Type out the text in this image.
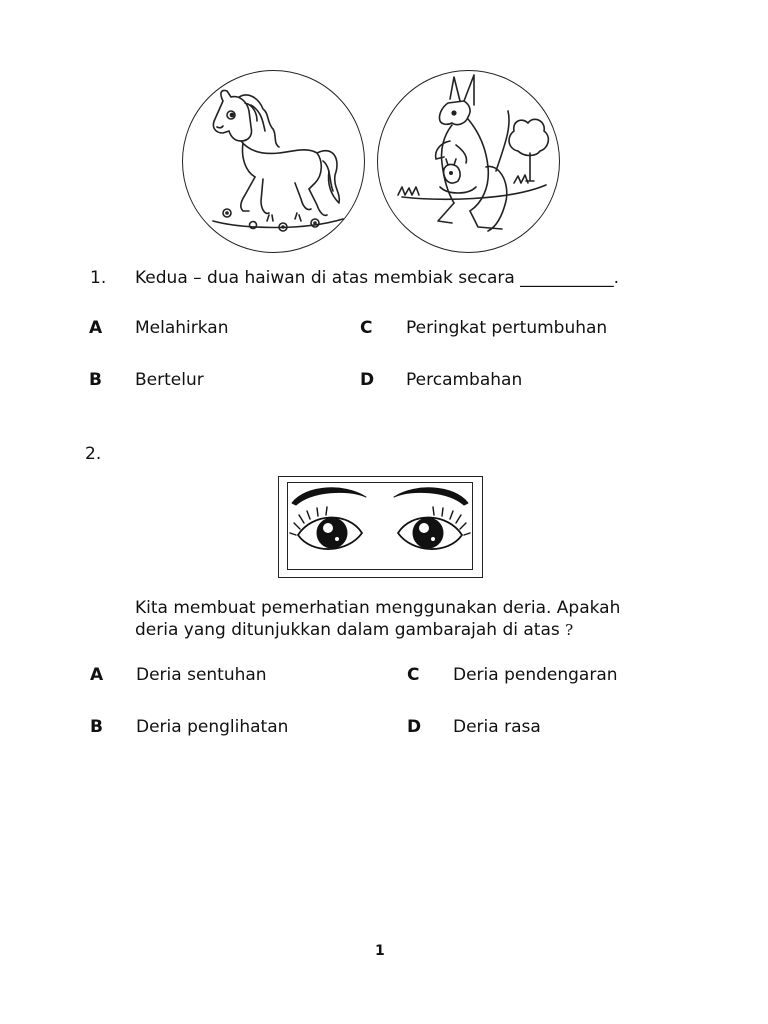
1. Kedua – dua haiwan di atas membiak secara ___________.
A Melahirkan
B Bertelur
C Peringkat pertumbuhan
D Percambahan
2.
Kita membuat pemerhatian menggunakan deria. Apakah
deria yang ditunjukkan dalam gambarajah di atas ?
A Deria sentuhan
B Deria penglihatan
C Deria pendengaran
D Deria rasa
1
